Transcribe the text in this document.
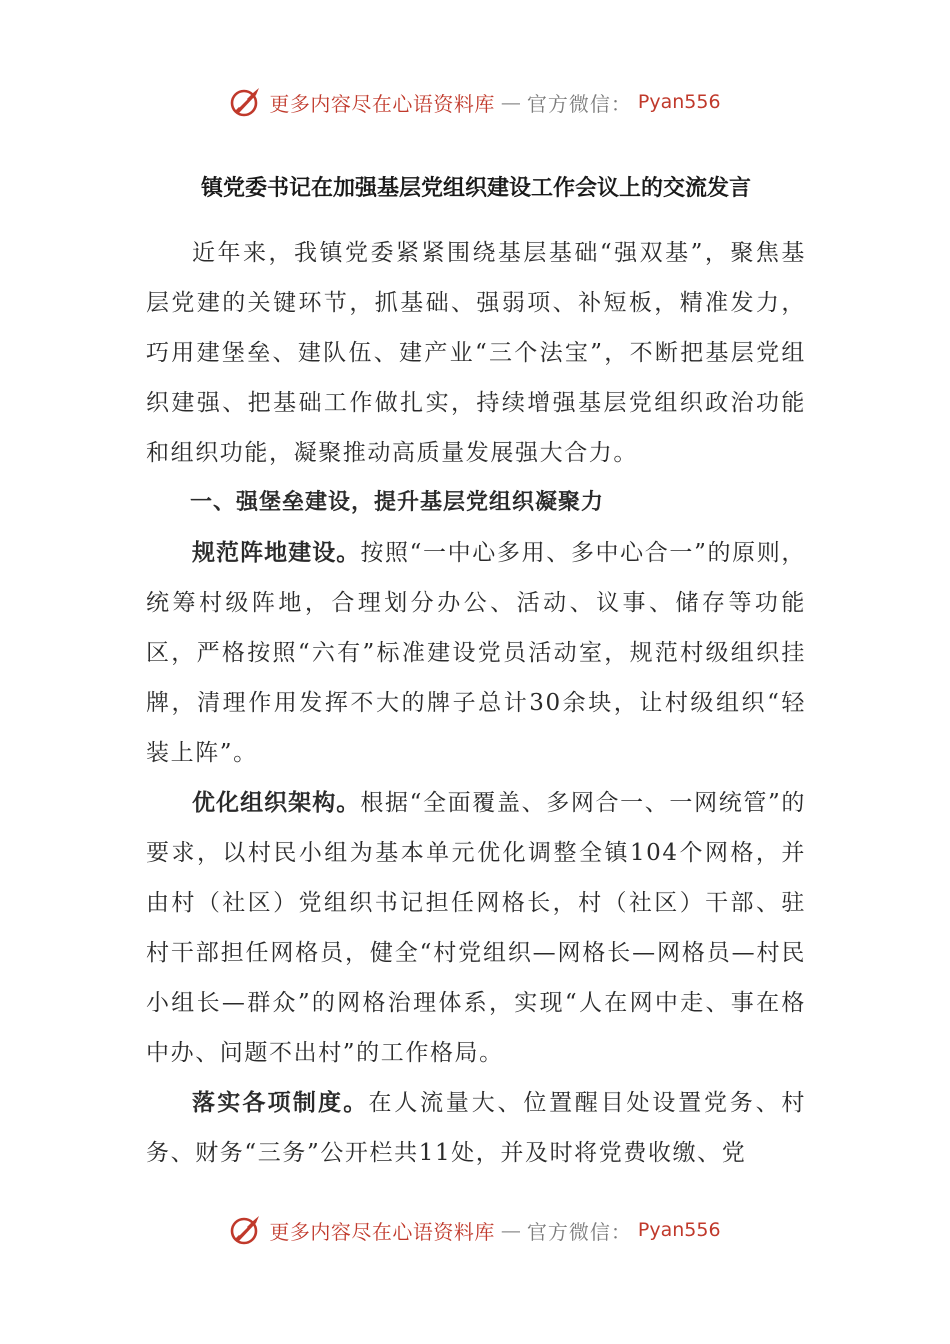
更多内容尽在心语资料库 — 官方微信： Pyan556
镇党委书记在加强基层党组织建设工作会议上的交流发言

近年来，我镇党委紧紧围绕基层基础“强双基”，聚焦基层党建的关键环节，抓基础、强弱项、补短板，精准发力，巧用建堡垒、建队伍、建产业“三个法宝”，不断把基层党组织建强、把基础工作做扎实，持续增强基层党组织政治功能和组织功能，凝聚推动高质量发展强大合力。

一、强堡垒建设，提升基层党组织凝聚力

规范阵地建设。按照“一中心多用、多中心合一”的原则，统筹村级阵地，合理划分办公、活动、议事、储存等功能区，严格按照“六有”标准建设党员活动室，规范村级组织挂牌，清理作用发挥不大的牌子总计30余块，让村级组织“轻装上阵”。

优化组织架构。根据“全面覆盖、多网合一、一网统管”的要求，以村民小组为基本单元优化调整全镇104个网格，并由村（社区）党组织书记担任网格长，村（社区）干部、驻村干部担任网格员，健全“村党组织—网格长—网格员—村民小组长—群众”的网格治理体系，实现“人在网中走、事在格中办、问题不出村”的工作格局。

落实各项制度。在人流量大、位置醒目处设置党务、村务、财务“三务”公开栏共11处，并及时将党费收缴、党

更多内容尽在心语资料库 — 官方微信： Pyan556
